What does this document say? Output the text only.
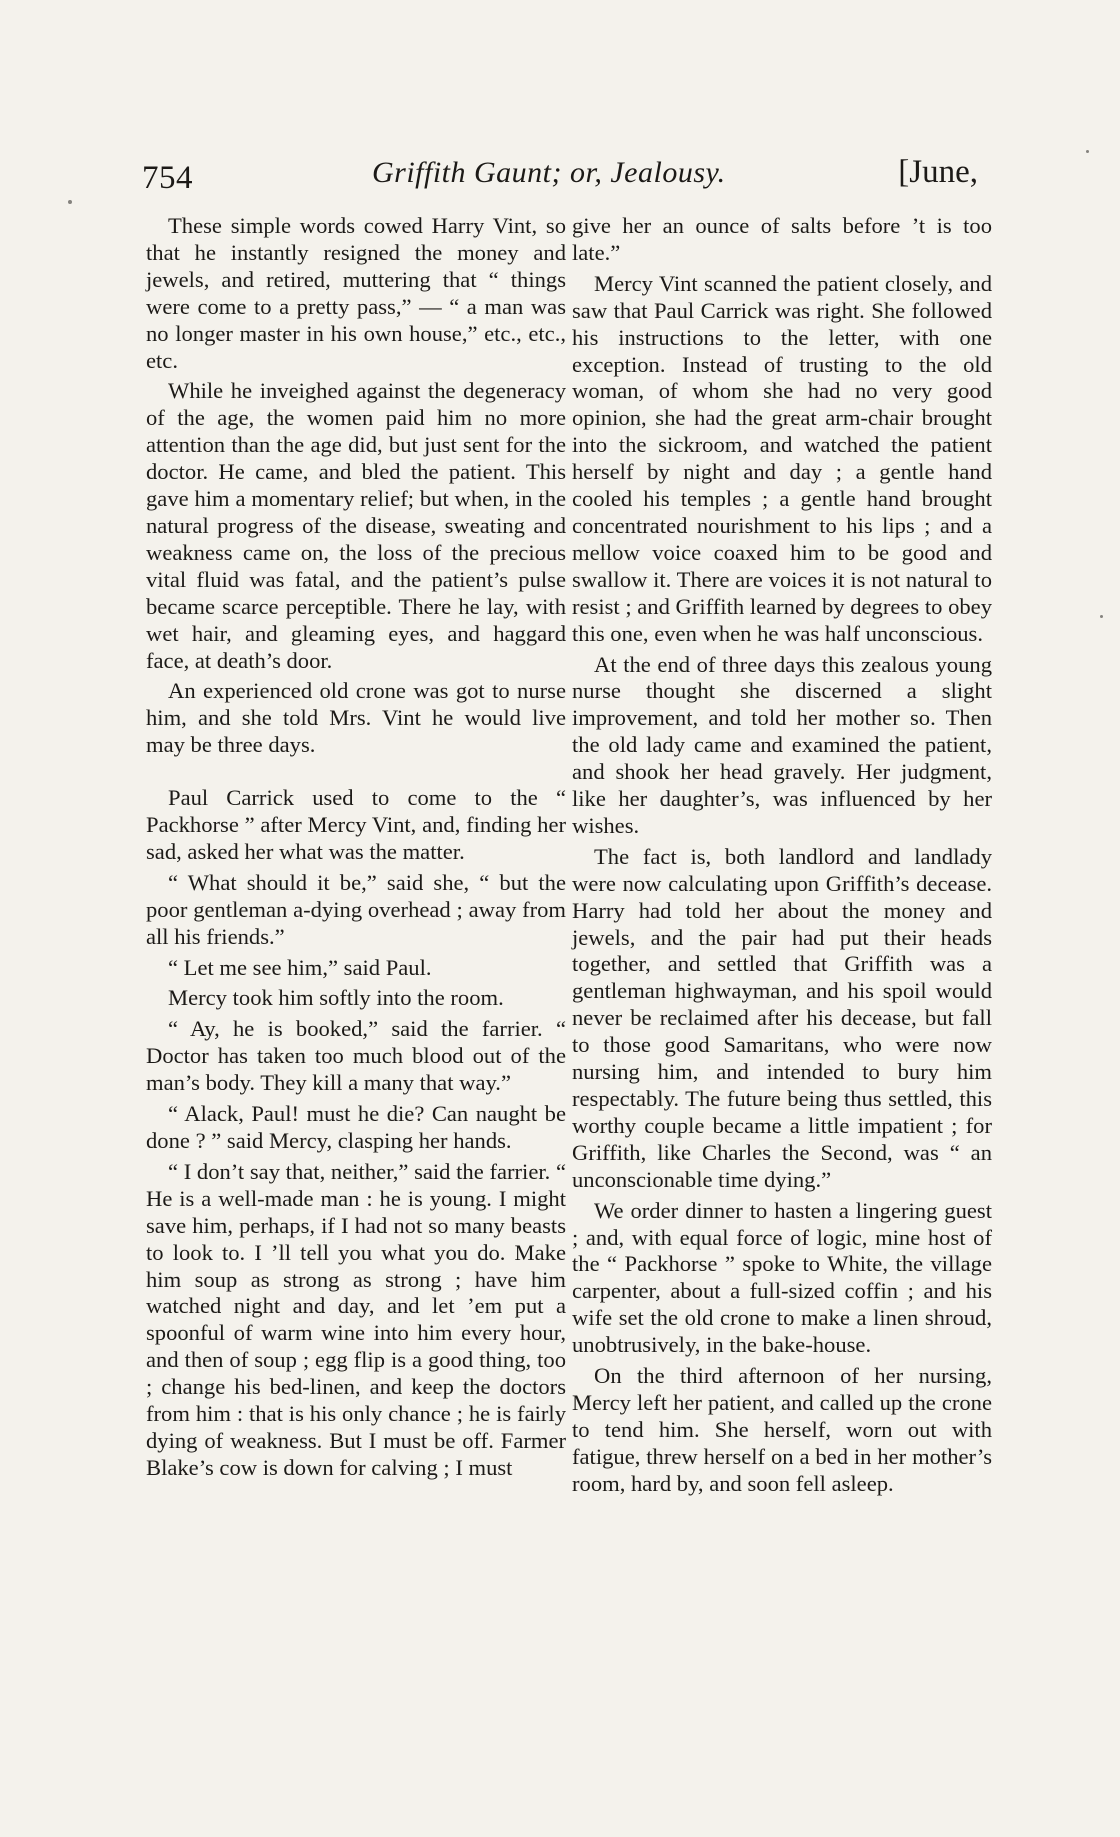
754	Griffith Gaunt; or, Jealousy.	[June,

These simple words cowed Harry Vint, so that he instantly resigned the money and jewels, and retired, muttering that “ things were come to a pretty pass,” — “ a man was no longer master in his own house,” etc., etc., etc.

While he inveighed against the degeneracy of the age, the women paid him no more attention than the age did, but just sent for the doctor. He came, and bled the patient. This gave him a momentary relief; but when, in the natural progress of the disease, sweating and weakness came on, the loss of the precious vital fluid was fatal, and the patient’s pulse became scarce perceptible. There he lay, with wet hair, and gleaming eyes, and haggard face, at death’s door.

An experienced old crone was got to nurse him, and she told Mrs. Vint he would live may be three days.

Paul Carrick used to come to the “ Packhorse ” after Mercy Vint, and, finding her sad, asked her what was the matter.

“ What should it be,” said she, “ but the poor gentleman a-dying overhead ; away from all his friends.”

“ Let me see him,” said Paul.

Mercy took him softly into the room.

“ Ay, he is booked,” said the farrier. “ Doctor has taken too much blood out of the man’s body. They kill a many that way.”

“ Alack, Paul! must he die? Can naught be done ? ” said Mercy, clasping her hands.

“ I don’t say that, neither,” said the farrier. “ He is a well-made man : he is young. I might save him, perhaps, if I had not so many beasts to look to. I ’ll tell you what you do. Make him soup as strong as strong ; have him watched night and day, and let ’em put a spoonful of warm wine into him every hour, and then of soup ; egg flip is a good thing, too ; change his bed-linen, and keep the doctors from him : that is his only chance ; he is fairly dying of weakness. But I must be off. Farmer Blake’s cow is down for calving ; I must

give her an ounce of salts before ’t is too late.”

Mercy Vint scanned the patient closely, and saw that Paul Carrick was right. She followed his instructions to the letter, with one exception. Instead of trusting to the old woman, of whom she had no very good opinion, she had the great arm-chair brought into the sickroom, and watched the patient herself by night and day ; a gentle hand cooled his temples ; a gentle hand brought concentrated nourishment to his lips ; and a mellow voice coaxed him to be good and swallow it. There are voices it is not natural to resist ; and Griffith learned by degrees to obey this one, even when he was half unconscious.

At the end of three days this zealous young nurse thought she discerned a slight improvement, and told her mother so. Then the old lady came and examined the patient, and shook her head gravely. Her judgment, like her daughter’s, was influenced by her wishes.

The fact is, both landlord and landlady were now calculating upon Griffith’s decease. Harry had told her about the money and jewels, and the pair had put their heads together, and settled that Griffith was a gentleman highwayman, and his spoil would never be reclaimed after his decease, but fall to those good Samaritans, who were now nursing him, and intended to bury him respectably. The future being thus settled, this worthy couple became a little impatient ; for Griffith, like Charles the Second, was “ an unconscionable time dying.”

We order dinner to hasten a lingering guest ; and, with equal force of logic, mine host of the “ Packhorse ” spoke to White, the village carpenter, about a full-sized coffin ; and his wife set the old crone to make a linen shroud, unobtrusively, in the bake-house.

On the third afternoon of her nursing, Mercy left her patient, and called up the crone to tend him. She herself, worn out with fatigue, threw herself on a bed in her mother’s room, hard by, and soon fell asleep.
